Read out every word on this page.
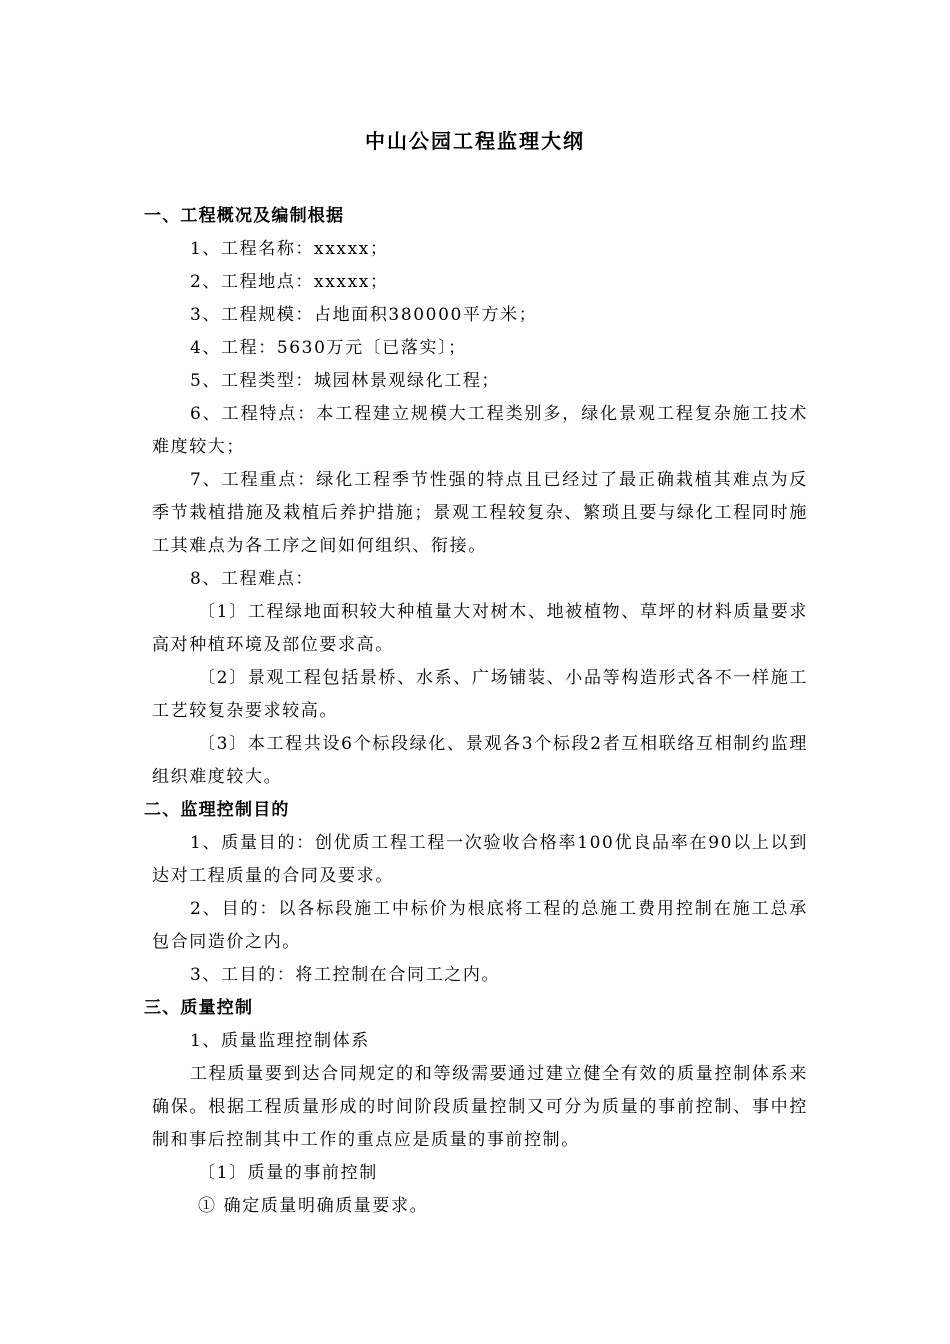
中山公园工程监理大纲

一、工程概况及编制根据

1、工程名称：xxxxx；

2、工程地点：xxxxx；

3、工程规模：占地面积380000平方米；

4、工程：5630万元〔已落实〕；

5、工程类型：城园林景观绿化工程；

6、工程特点：本工程建立规模大工程类别多，绿化景观工程复杂施工技术难度较大；

7、工程重点：绿化工程季节性强的特点且已经过了最正确栽植其难点为反季节栽植措施及栽植后养护措施；景观工程较复杂、繁琐且要与绿化工程同时施工其难点为各工序之间如何组织、衔接。

8、工程难点：

〔1〕工程绿地面积较大种植量大对树木、地被植物、草坪的材料质量要求高对种植环境及部位要求高。

〔2〕景观工程包括景桥、水系、广场铺装、小品等构造形式各不一样施工工艺较复杂要求较高。

〔3〕本工程共设6个标段绿化、景观各3个标段2者互相联络互相制约监理组织难度较大。

二、监理控制目的

1、质量目的：创优质工程工程一次验收合格率100优良品率在90以上以到达对工程质量的合同及要求。

2、目的：以各标段施工中标价为根底将工程的总施工费用控制在施工总承包合同造价之内。

3、工目的：将工控制在合同工之内。

三、质量控制

1、质量监理控制体系

工程质量要到达合同规定的和等级需要通过建立健全有效的质量控制体系来确保。根据工程质量形成的时间阶段质量控制又可分为质量的事前控制、事中控制和事后控制其中工作的重点应是质量的事前控制。

〔1〕质量的事前控制

① 确定质量明确质量要求。
